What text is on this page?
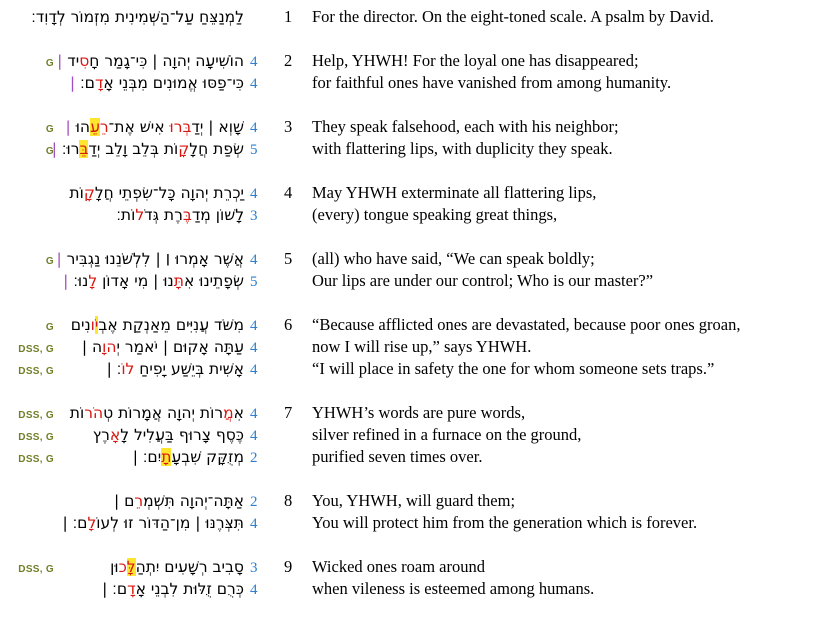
לַמְנַצֵּחַ עַל־הַשְּׁמִינִית מִזְמוֹר לְדָוִד׃	1	For the director. On the eight-toned scale. A psalm by David.
G	הוֹשִׁיעָה יְהוָה | כִּי־גָמַר חָסִיד |	4	2	Help, YHWH! For the loyal one has disappeared;
כִּי־פַסּוּ אֱמוּנִים מִבְּנֵי אָדָם׃ |	4	for faithful ones have vanished from among humanity.
G	שָׁוְא | יְדַבְּרוּ אִישׁ אֶת־רֵעֵהוּ |	4	3	They speak falsehood, each with his neighbor;
G	שְׂפַת חֲלָקָוֹת בְּלֵב וָלֵב יְדַבֵּרוּ׃ |	5	with flattering lips, with duplicity they speak.
יַכְרֵת יְהוָה כָּל־שִׂפְתֵי חֲלָקָוֹת	4	4	May YHWH exterminate all flattering lips,
לָשׁוֹן מְדַבֶּרֶת גְּדֹלוֹת׃	3	(every) tongue speaking great things,
G אֲשֶׁר אָמְרוּ ׀ | לִלְשֹׁנֵנוּ נַגְבִּיר |	4	5	(all) who have said, “We can speak boldly;
שְׂפָתֵינוּ אִתָּנוּ | מִי אָדוֹן לָנוּ׃ |	5	Our lips are under our control; Who is our master?”
G	מִשֹּׁד עֲנִיִּים מֵאַנְקַת אֶבְיֹונִים	4	6	“Because afflicted ones are devastated, because poor ones groan,
DSS, G	עַתָּה אָקוּם | יֹאמַר יְהוָה |	4	now I will rise up,” says YHWH.
DSS, G	אָשִׁית בְּיֵשַׁע יָפִיחַ לוֹ׃ |	4	“I will place in safety the one for whom someone sets traps.”
DSS, G	אִמֲרוֹת יְהוָה אֲמָרוֹת טְהֹרוֹת	4	7	YHWH’s words are pure words,
DSS, G	כֶּסֶף צָרוּף בַּעֲלִיל לָאָרֶץ	4	silver refined in a furnace on the ground,
DSS, G	מְזֻקָּק שִׁבְעָתָיִם׃ |	2	purified seven times over.
אַתָּה־יְהוָה תִּשְׁמְרֵם |	2	8	You, YHWH, will guard them;
תִּצְּרֶנּוּ | מִן־הַדּוֹר זוּ לְעוֹלָם׃ |	4	You will protect him from the generation which is forever.
DSS, G	סָבִיב רְשָׁעִים יִתְהַלָּכוּן	3	9	Wicked ones roam around
כְּרֻם זֻלּוּת לִבְנֵי אָדָם׃ |	4	when vileness is esteemed among humans.
